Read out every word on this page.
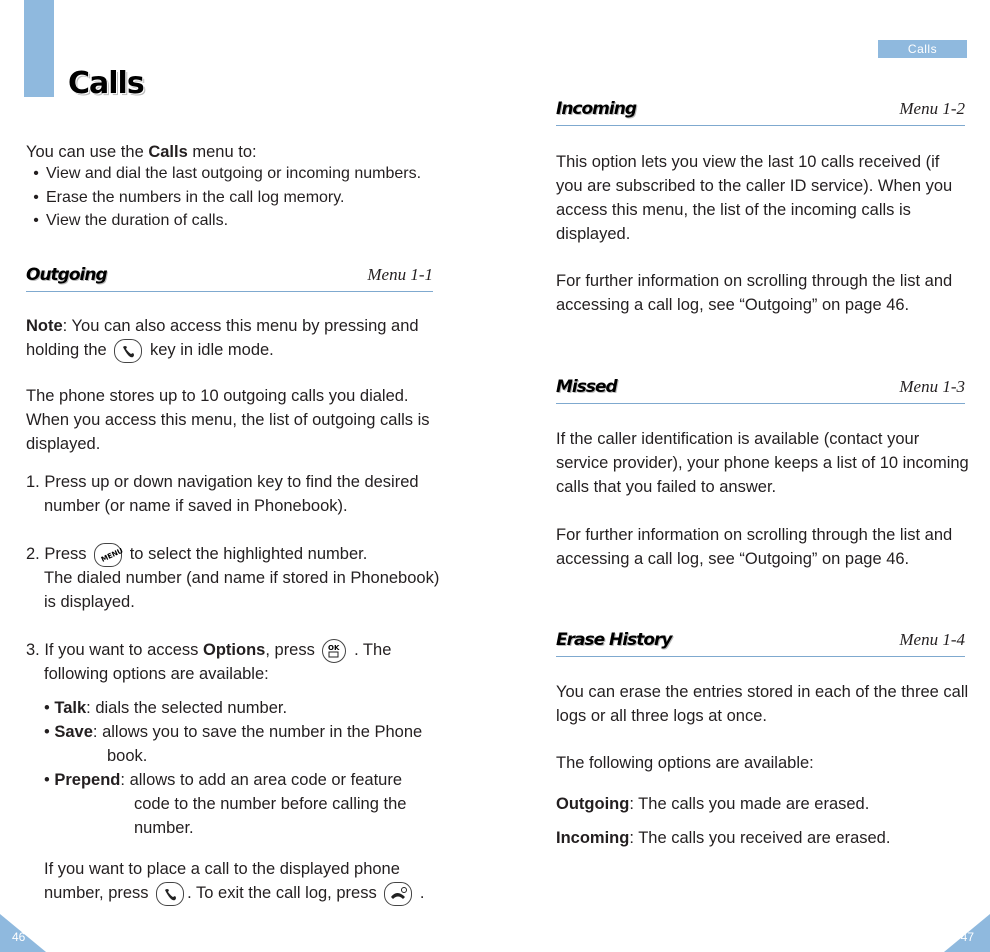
Calls

You can use the Calls menu to:

• View and dial the last outgoing or incoming numbers.
• Erase the numbers in the call log memory.
• View the duration of calls.
Outgoing	Menu 1-1

Note: You can also access this menu by pressing and

holding the	key in idle mode.

The phone stores up to 10 outgoing calls you dialed.

When you access this menu, the list of outgoing calls is

displayed.

1. Press up or down navigation key to find the desired

number (or name if saved in Phonebook).

2. Press MENU to select the highlighted number.

The dialed number (and name if stored in Phonebook)

is displayed.

3. If you want to access Options, press OK . The

following options are available:

• Talk: dials the selected number.

• Save: allows you to save the number in the Phone

book.

• Prepend: allows to add an area code or feature

code to the number before calling the

number.

If you want to place a call to the displayed phone

number, press . To exit the call log, press	.

46
Calls
Incoming	Menu 1-2

This option lets you view the last 10 calls received (if

you are subscribed to the caller ID service). When you

access this menu, the list of the incoming calls is

displayed.

For further information on scrolling through the list and

accessing a call log, see “Outgoing” on page 46.

Missed	Menu 1-3

If the caller identification is available (contact your

service provider), your phone keeps a list of 10 incoming

calls that you failed to answer.

For further information on scrolling through the list and

accessing a call log, see “Outgoing” on page 46.

Erase History	Menu 1-4

You can erase the entries stored in each of the three call

logs or all three logs at once.

The following options are available:

Outgoing: The calls you made are erased.

Incoming: The calls you received are erased.

47
